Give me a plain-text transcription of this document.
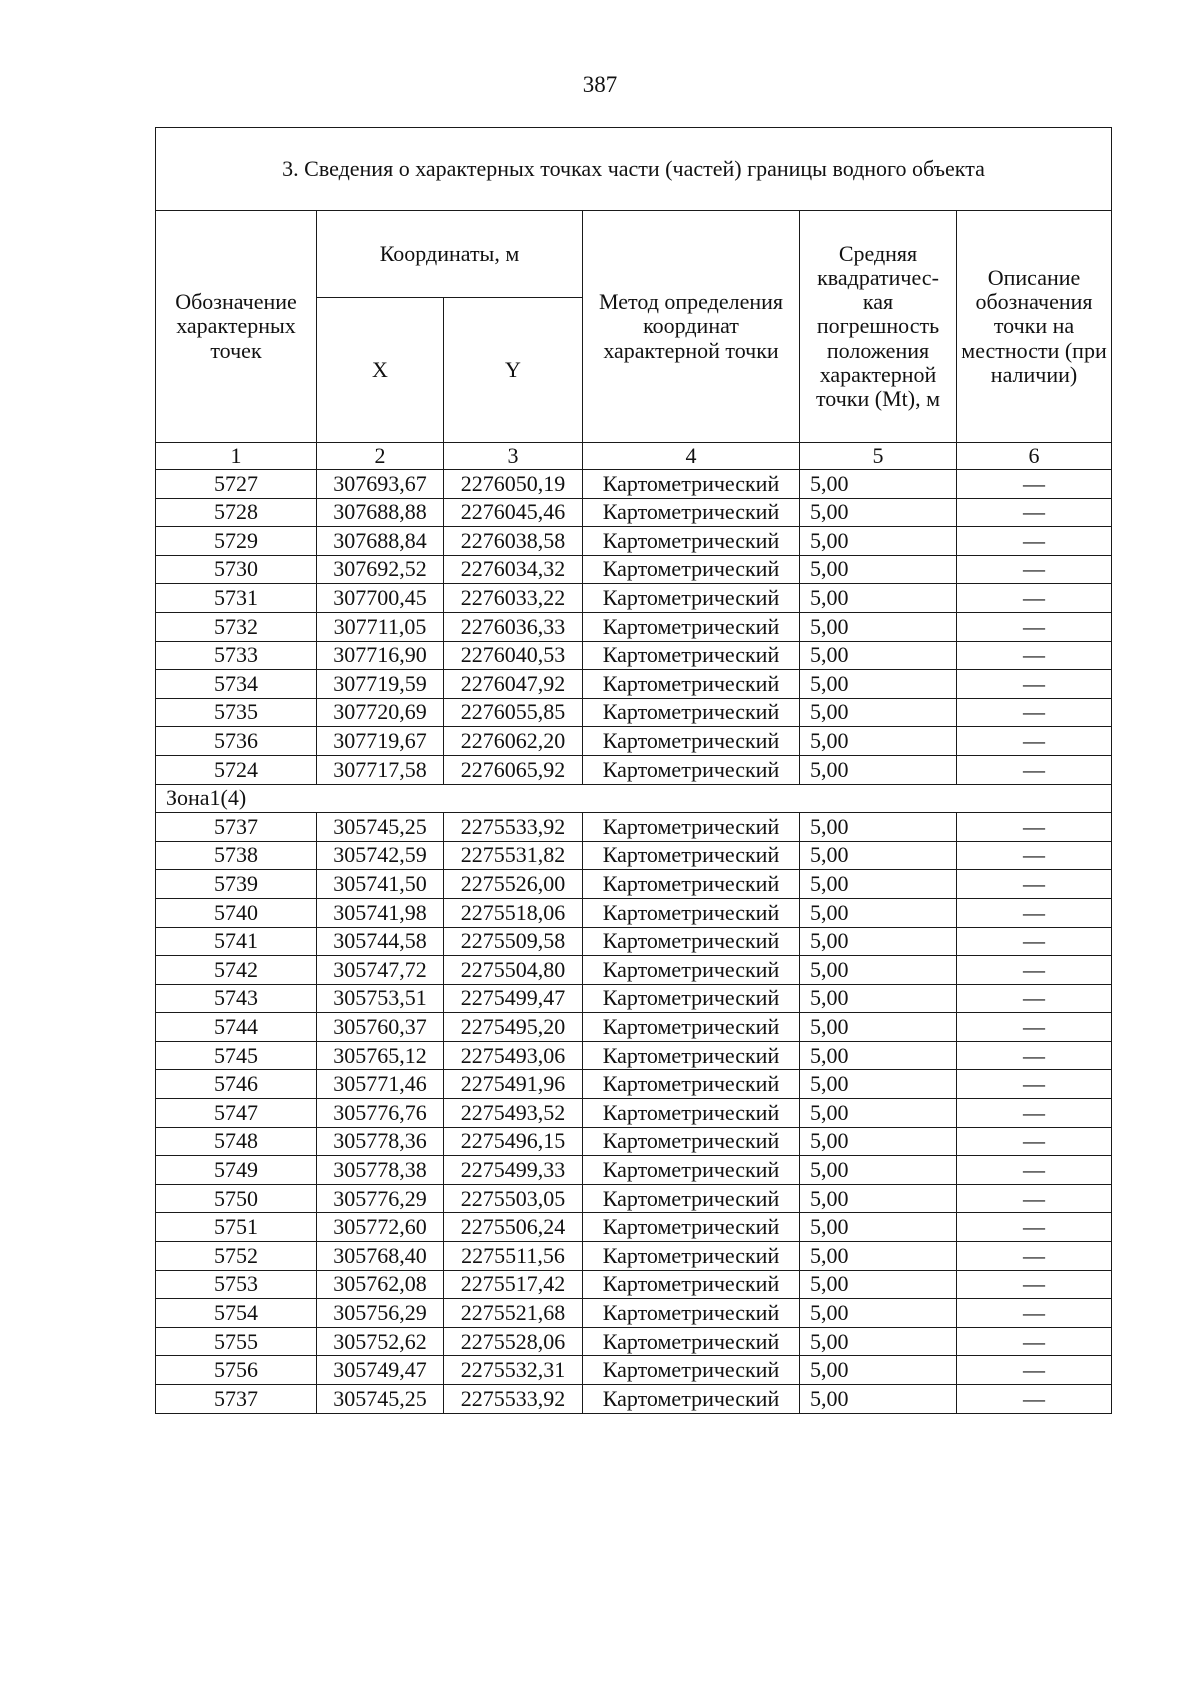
387
3. Сведения о характерных точках части (частей) границы водного объекта					
Обозначение характерных точек	Координаты, м		Метод определения координат характерной точки	Средняя квадратичес-кая погрешность положения характерной точки (Mt), м	Описание обозначения точки на местности (при наличии)
	X	Y			
1	2	3	4	5	6
5727	307693,67	2276050,19	Картометрический	5,00	—
5728	307688,88	2276045,46	Картометрический	5,00	—
5729	307688,84	2276038,58	Картометрический	5,00	—
5730	307692,52	2276034,32	Картометрический	5,00	—
5731	307700,45	2276033,22	Картометрический	5,00	—
5732	307711,05	2276036,33	Картометрический	5,00	—
5733	307716,90	2276040,53	Картометрический	5,00	—
5734	307719,59	2276047,92	Картометрический	5,00	—
5735	307720,69	2276055,85	Картометрический	5,00	—
5736	307719,67	2276062,20	Картометрический	5,00	—
5724	307717,58	2276065,92	Картометрический	5,00	—
Зона1(4)					
5737	305745,25	2275533,92	Картометрический	5,00	—
5738	305742,59	2275531,82	Картометрический	5,00	—
5739	305741,50	2275526,00	Картометрический	5,00	—
5740	305741,98	2275518,06	Картометрический	5,00	—
5741	305744,58	2275509,58	Картометрический	5,00	—
5742	305747,72	2275504,80	Картометрический	5,00	—
5743	305753,51	2275499,47	Картометрический	5,00	—
5744	305760,37	2275495,20	Картометрический	5,00	—
5745	305765,12	2275493,06	Картометрический	5,00	—
5746	305771,46	2275491,96	Картометрический	5,00	—
5747	305776,76	2275493,52	Картометрический	5,00	—
5748	305778,36	2275496,15	Картометрический	5,00	—
5749	305778,38	2275499,33	Картометрический	5,00	—
5750	305776,29	2275503,05	Картометрический	5,00	—
5751	305772,60	2275506,24	Картометрический	5,00	—
5752	305768,40	2275511,56	Картометрический	5,00	—
5753	305762,08	2275517,42	Картометрический	5,00	—
5754	305756,29	2275521,68	Картометрический	5,00	—
5755	305752,62	2275528,06	Картометрический	5,00	—
5756	305749,47	2275532,31	Картометрический	5,00	—
5737	305745,25	2275533,92	Картометрический	5,00	—
